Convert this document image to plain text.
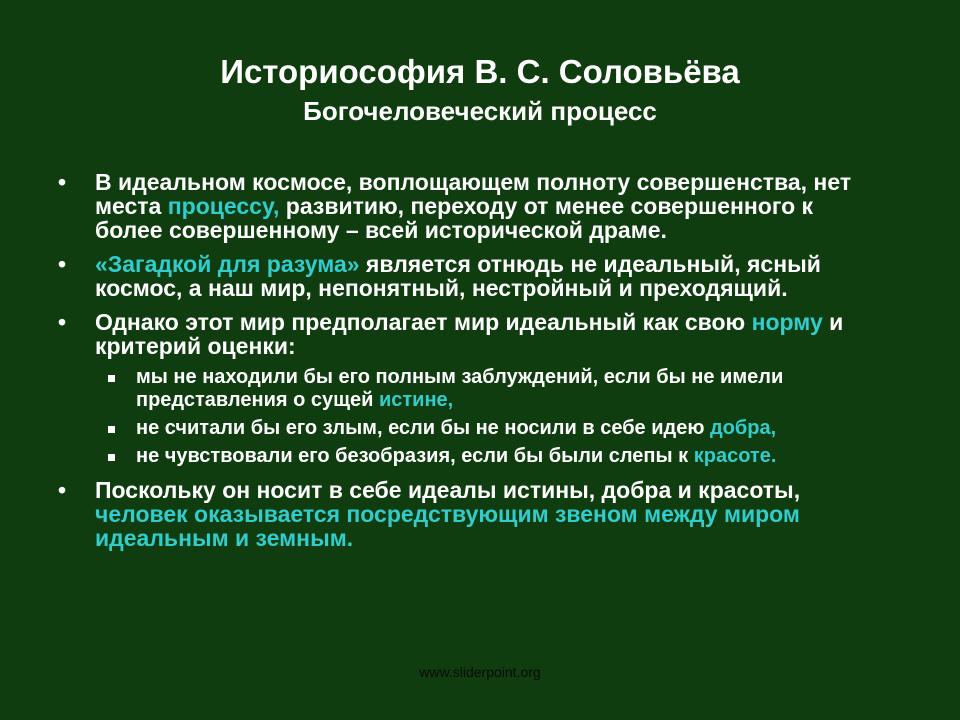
Историософия В. С. Соловьёва
Богочеловеческий процесс
• В идеальном космосе, воплощающем полноту совершенства, нет места процессу, развитию, переходу от менее совершенного к более совершенному – всей исторической драме.
• «Загадкой для разума» является отнюдь не идеальный, ясный космос, а наш мир, непонятный, нестройный и преходящий.
• Однако этот мир предполагает мир идеальный как свою норму и критерий оценки:
мы не находили бы его полным заблуждений, если бы не имели представления о сущей истине,
не считали бы его злым, если бы не носили в себе идею добра,
не чувствовали его безобразия, если бы были слепы к красоте.
• Поскольку он носит в себе идеалы истины, добра и красоты, человек оказывается посредствующим звеном между миром идеальным и земным.
www.sliderpoint.org
